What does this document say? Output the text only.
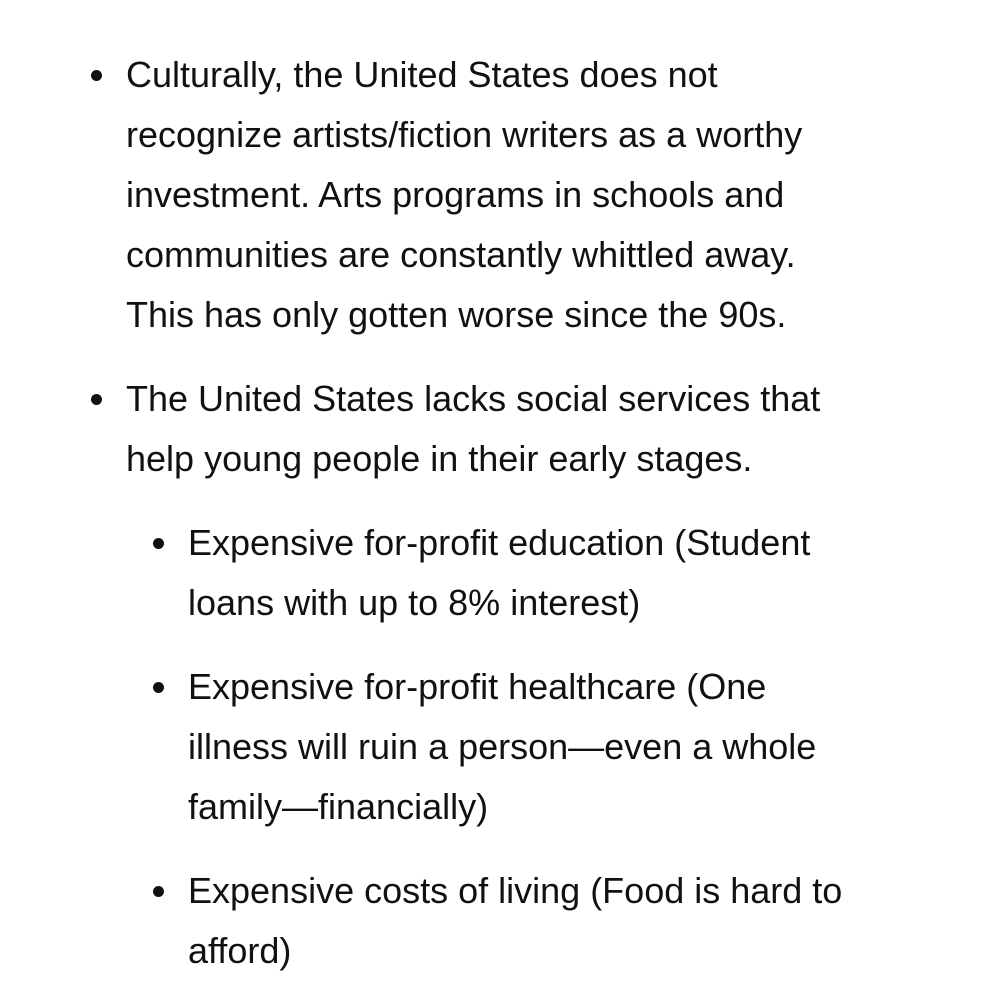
Culturally, the United States does not
recognize artists/fiction writers as a worthy
investment. Arts programs in schools and
communities are constantly whittled away.
This has only gotten worse since the 90s.
The United States lacks social services that
help young people in their early stages.
Expensive for-profit education (Student
loans with up to 8% interest)
Expensive for-profit healthcare (One
illness will ruin a person—even a whole
family—financially)
Expensive costs of living (Food is hard to
afford)
